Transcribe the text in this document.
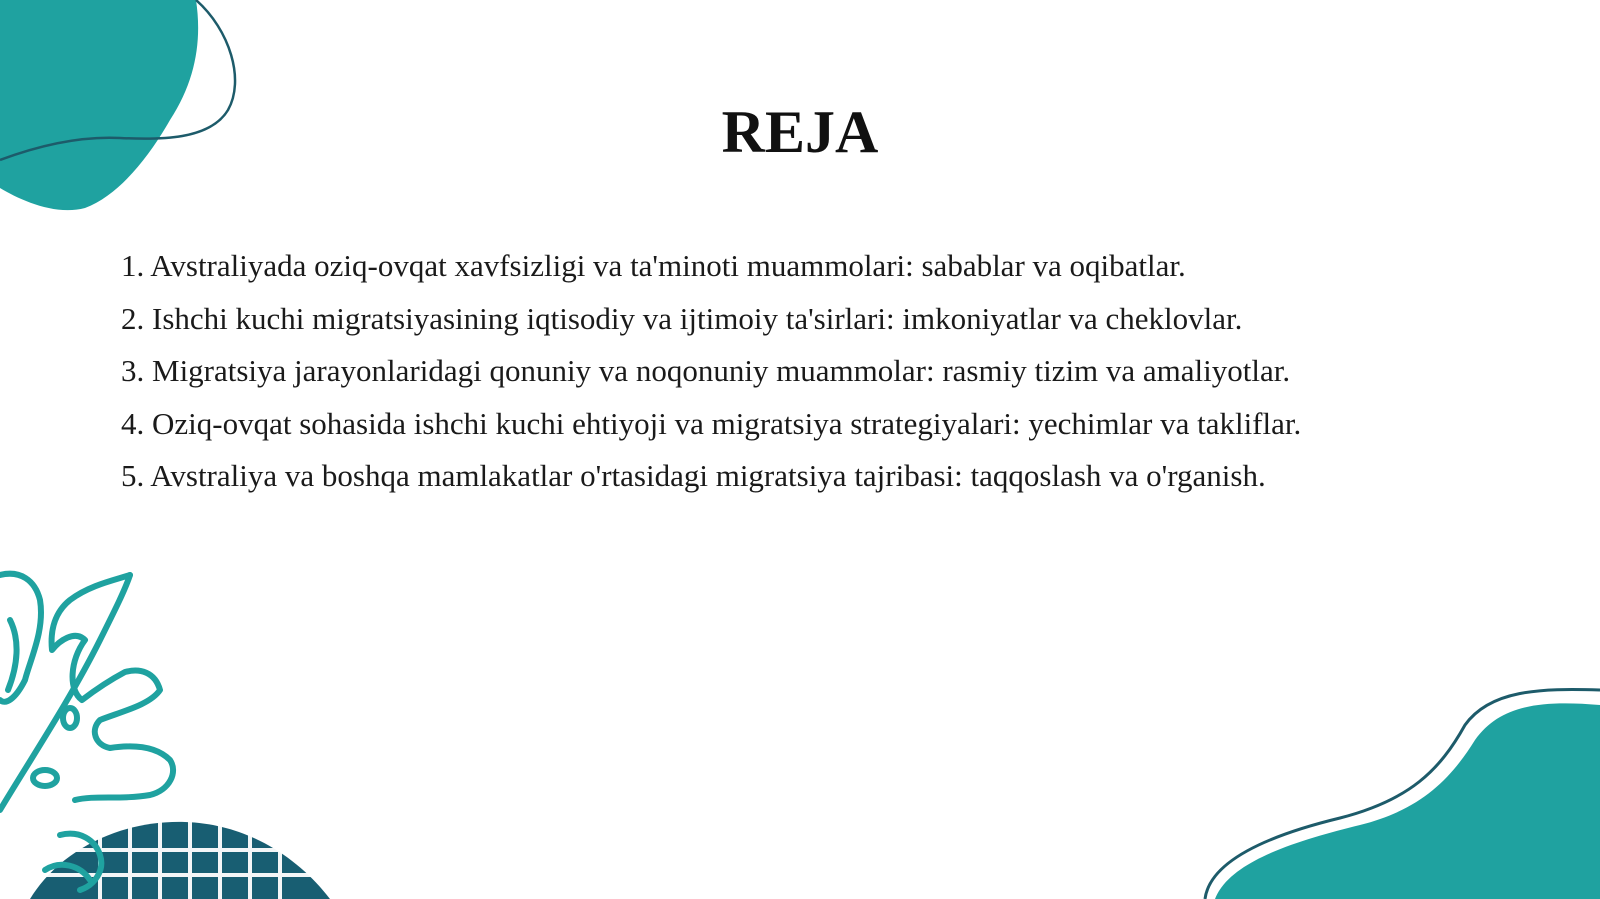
REJA
1. Avstraliyada oziq-ovqat xavfsizligi va ta'minoti muammolari: sabablar va oqibatlar.
2. Ishchi kuchi migratsiyasining iqtisodiy va ijtimoiy ta'sirlari: imkoniyatlar va cheklovlar.
3. Migratsiya jarayonlaridagi qonuniy va noqonuniy muammolar: rasmiy tizim va amaliyotlar.
4. Oziq-ovqat sohasida ishchi kuchi ehtiyoji va migratsiya strategiyalari: yechimlar va takliflar.
5. Avstraliya va boshqa mamlakatlar o'rtasidagi migratsiya tajribasi: taqqoslash va o'rganish.
